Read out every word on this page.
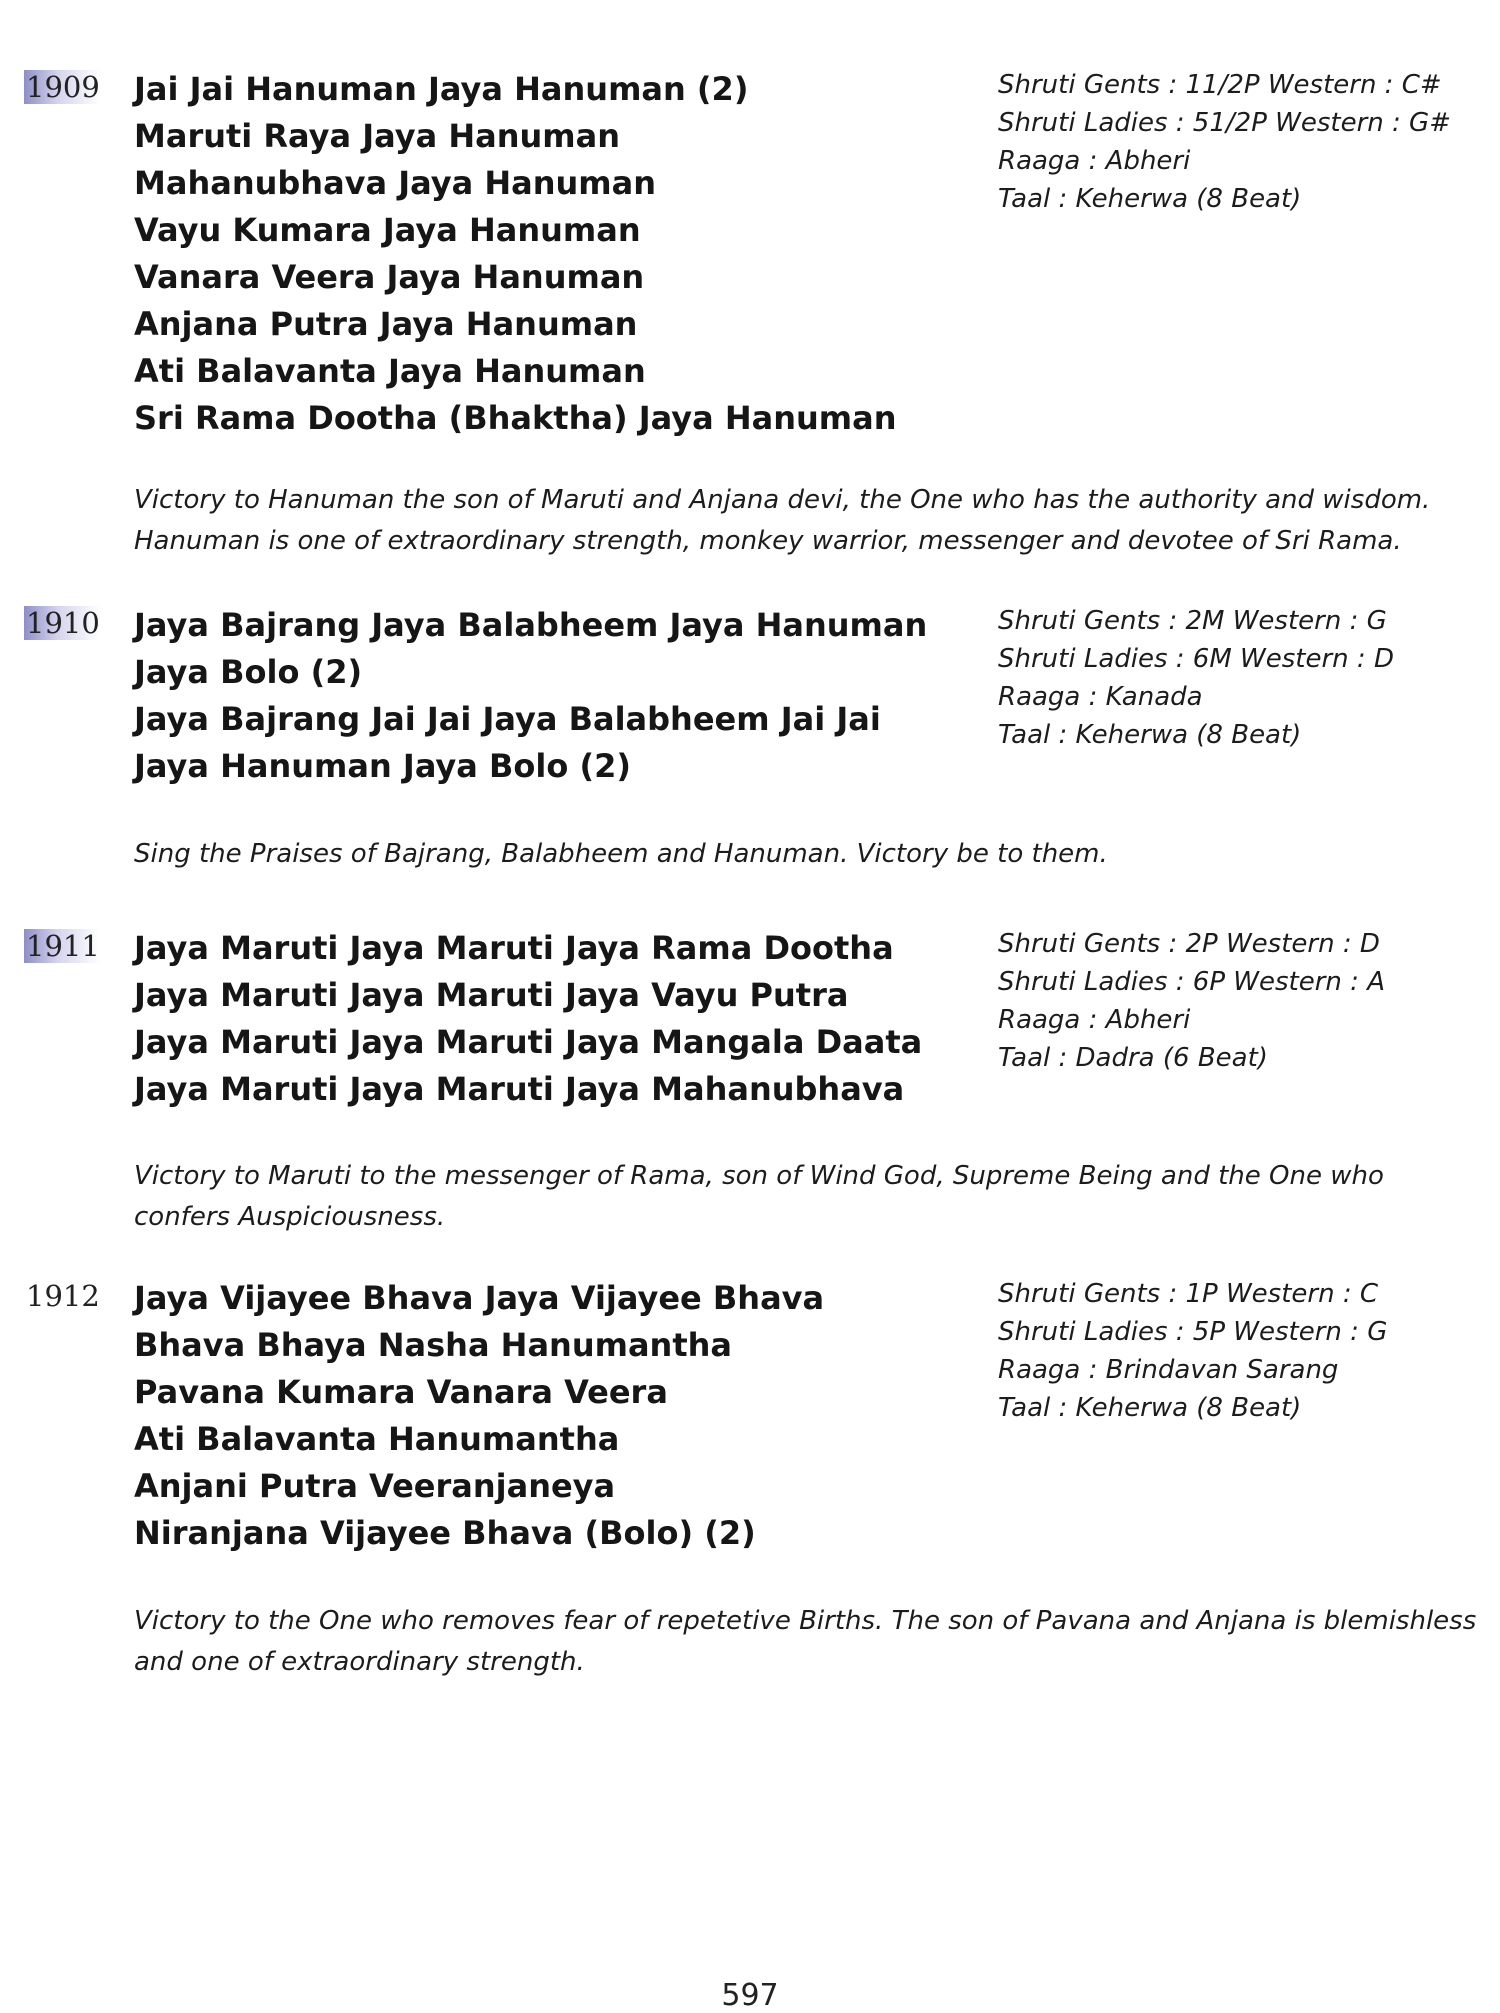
1909 Jai Jai Hanuman Jaya Hanuman (2)
Maruti Raya Jaya Hanuman
Mahanubhava Jaya Hanuman
Vayu Kumara Jaya Hanuman
Vanara Veera Jaya Hanuman
Anjana Putra Jaya Hanuman
Ati Balavanta Jaya Hanuman
Sri Rama Dootha (Bhaktha) Jaya Hanuman
Shruti Gents : 11/2P Western : C#
Shruti Ladies : 51/2P Western : G#
Raaga : Abheri
Taal : Keherwa (8 Beat)
Victory to Hanuman the son of Maruti and Anjana devi, the One who has the authority and wisdom.
Hanuman is one of extraordinary strength, monkey warrior, messenger and devotee of Sri Rama.
1910 Jaya Bajrang Jaya Balabheem Jaya Hanuman
Jaya Bolo (2)
Jaya Bajrang Jai Jai Jaya Balabheem Jai Jai
Jaya Hanuman Jaya Bolo (2)
Shruti Gents : 2M Western : G
Shruti Ladies : 6M Western : D
Raaga : Kanada
Taal : Keherwa (8 Beat)
Sing the Praises of Bajrang, Balabheem and Hanuman. Victory be to them.
1911 Jaya Maruti Jaya Maruti Jaya Rama Dootha
Jaya Maruti Jaya Maruti Jaya Vayu Putra
Jaya Maruti Jaya Maruti Jaya Mangala Daata
Jaya Maruti Jaya Maruti Jaya Mahanubhava
Shruti Gents : 2P Western : D
Shruti Ladies : 6P Western : A
Raaga : Abheri
Taal : Dadra (6 Beat)
Victory to Maruti to the messenger of Rama, son of Wind God, Supreme Being and the One who
confers Auspiciousness.
1912 Jaya Vijayee Bhava Jaya Vijayee Bhava
Bhava Bhaya Nasha Hanumantha
Pavana Kumara Vanara Veera
Ati Balavanta Hanumantha
Anjani Putra Veeranjaneya
Niranjana Vijayee Bhava (Bolo) (2)
Shruti Gents : 1P Western : C
Shruti Ladies : 5P Western : G
Raaga : Brindavan Sarang
Taal : Keherwa (8 Beat)
Victory to the One who removes fear of repetetive Births. The son of Pavana and Anjana is blemishless
and one of extraordinary strength.
597
